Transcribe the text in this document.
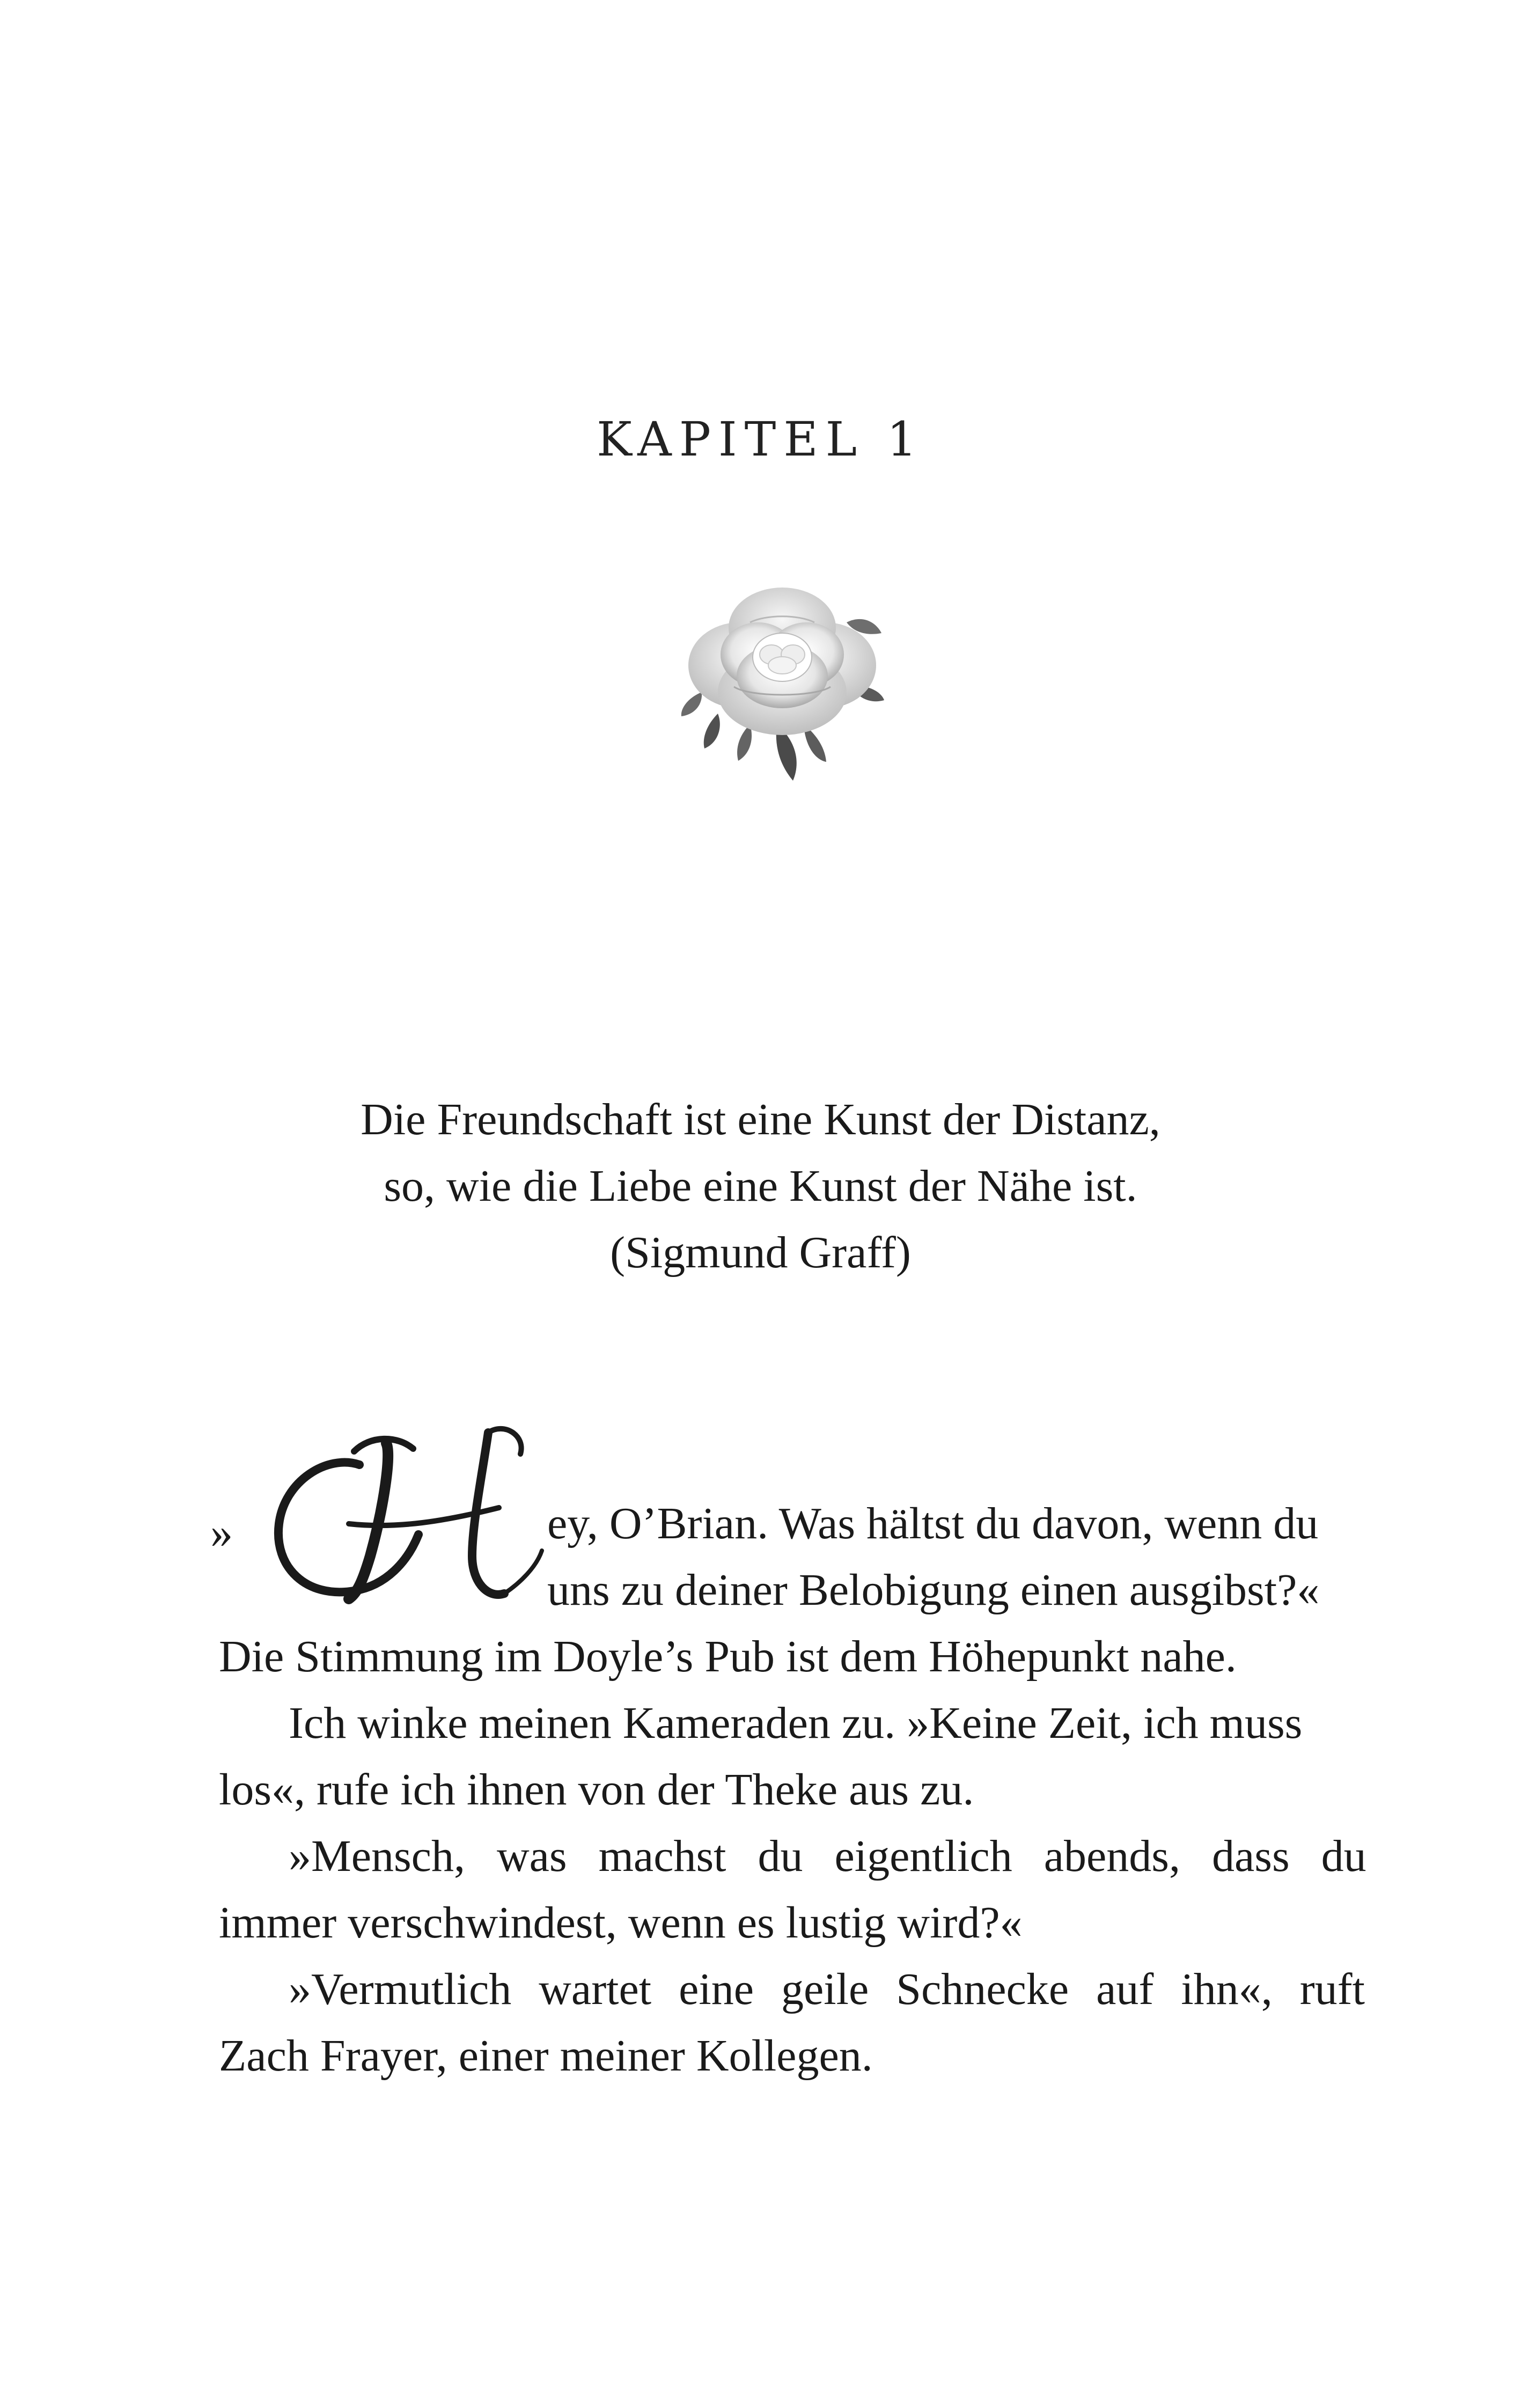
KAPITEL 1
Die Freundschaft ist eine Kunst der Distanz,
so, wie die Liebe eine Kunst der Nähe ist.
(Sigmund Graff)
»
H
ey, O’Brian. Was hältst du davon, wenn du
uns zu deiner Belobigung einen ausgibst?«
Die Stimmung im Doyle’s Pub ist dem Höhepunkt nahe.
Ich winke meinen Kameraden zu. »Keine Zeit, ich muss
los«, rufe ich ihnen von der Theke aus zu.
»Mensch, was machst du eigentlich abends, dass du
immer verschwindest, wenn es lustig wird?«
»Vermutlich wartet eine geile Schnecke auf ihn«, ruft
Zach Frayer, einer meiner Kollegen.
